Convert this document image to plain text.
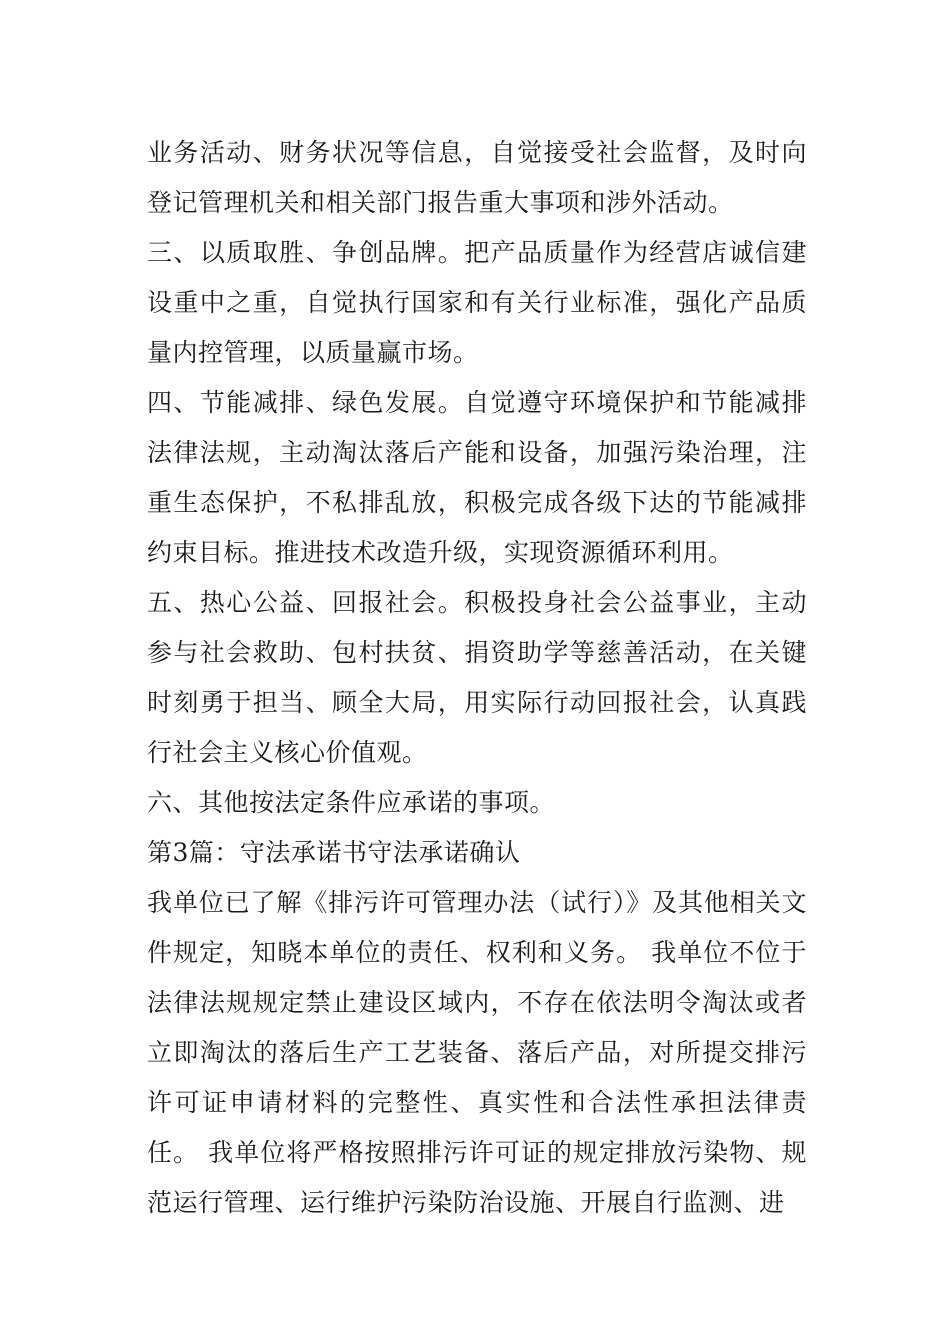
业务活动、财务状况等信息，自觉接受社会监督，及时向登记管理机关和相关部门报告重大事项和涉外活动。

三、以质取胜、争创品牌。把产品质量作为经营店诚信建设重中之重，自觉执行国家和有关行业标准，强化产品质量内控管理，以质量赢市场。

四、节能减排、绿色发展。自觉遵守环境保护和节能减排法律法规，主动淘汰落后产能和设备，加强污染治理，注重生态保护，不私排乱放，积极完成各级下达的节能减排约束目标。推进技术改造升级，实现资源循环利用。

五、热心公益、回报社会。积极投身社会公益事业，主动参与社会救助、包村扶贫、捐资助学等慈善活动，在关键时刻勇于担当、顾全大局，用实际行动回报社会，认真践行社会主义核心价值观。

六、其他按法定条件应承诺的事项。

第3篇：守法承诺书守法承诺确认

我单位已了解《排污许可管理办法（试行）》及其他相关文件规定，知晓本单位的责任、权利和义务。 我单位不位于法律法规规定禁止建设区域内，不存在依法明令淘汰或者立即淘汰的落后生产工艺装备、落后产品，对所提交排污许可证申请材料的完整性、真实性和合法性承担法律责任。 我单位将严格按照排污许可证的规定排放污染物、规范运行管理、运行维护污染防治设施、开展自行监测、进
